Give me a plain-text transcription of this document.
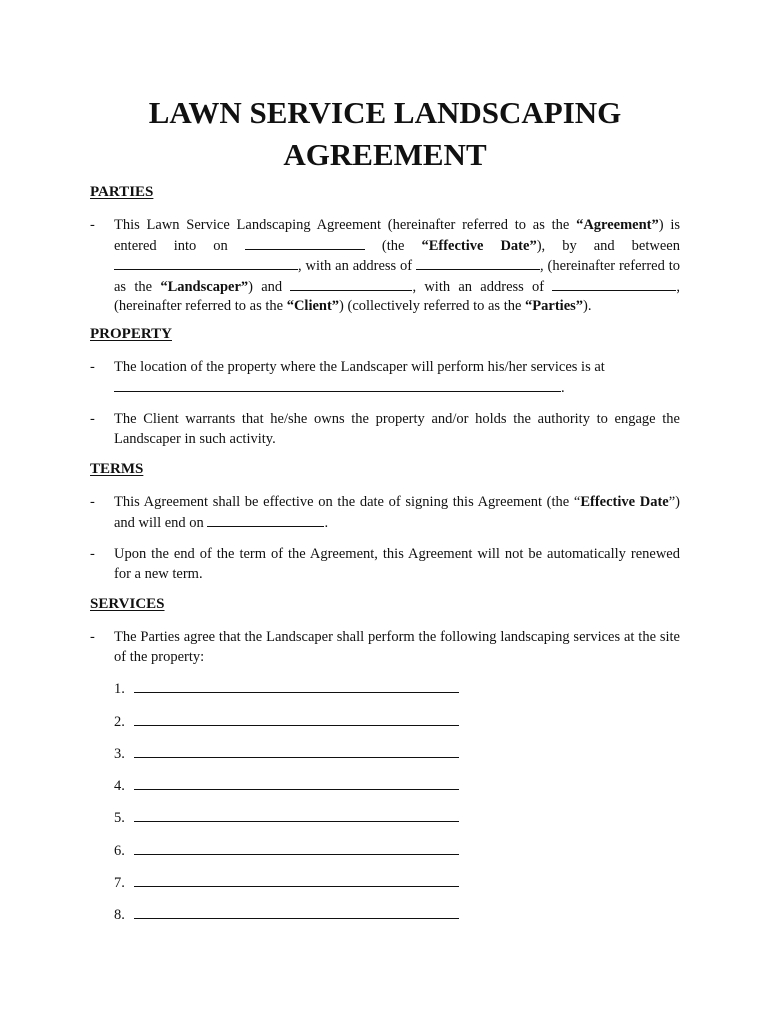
LAWN SERVICE LANDSCAPING
AGREEMENT
PARTIES
- This Lawn Service Landscaping Agreement (hereinafter referred to as the “Agreement”) is entered into on	(the “Effective Date”), by and between , with an address of	, (hereinafter referred to as the “Landscaper”) and	, with an address of	, (hereinafter referred to as the “Client”) (collectively referred to as the “Parties”).
PROPERTY
- The location of the property where the Landscaper will perform his/her services is at
.
- The Client warrants that he/she owns the property and/or holds the authority to engage the Landscaper in such activity.
TERMS
- This Agreement shall be effective on the date of signing this Agreement (the “Effective Date”) and will end on	.
- Upon the end of the term of the Agreement, this Agreement will not be automatically renewed for a new term.
SERVICES
- The Parties agree that the Landscaper shall perform the following landscaping services at the site of the property:
1.
2.
3.
4.
5.
6.
7.
8.
